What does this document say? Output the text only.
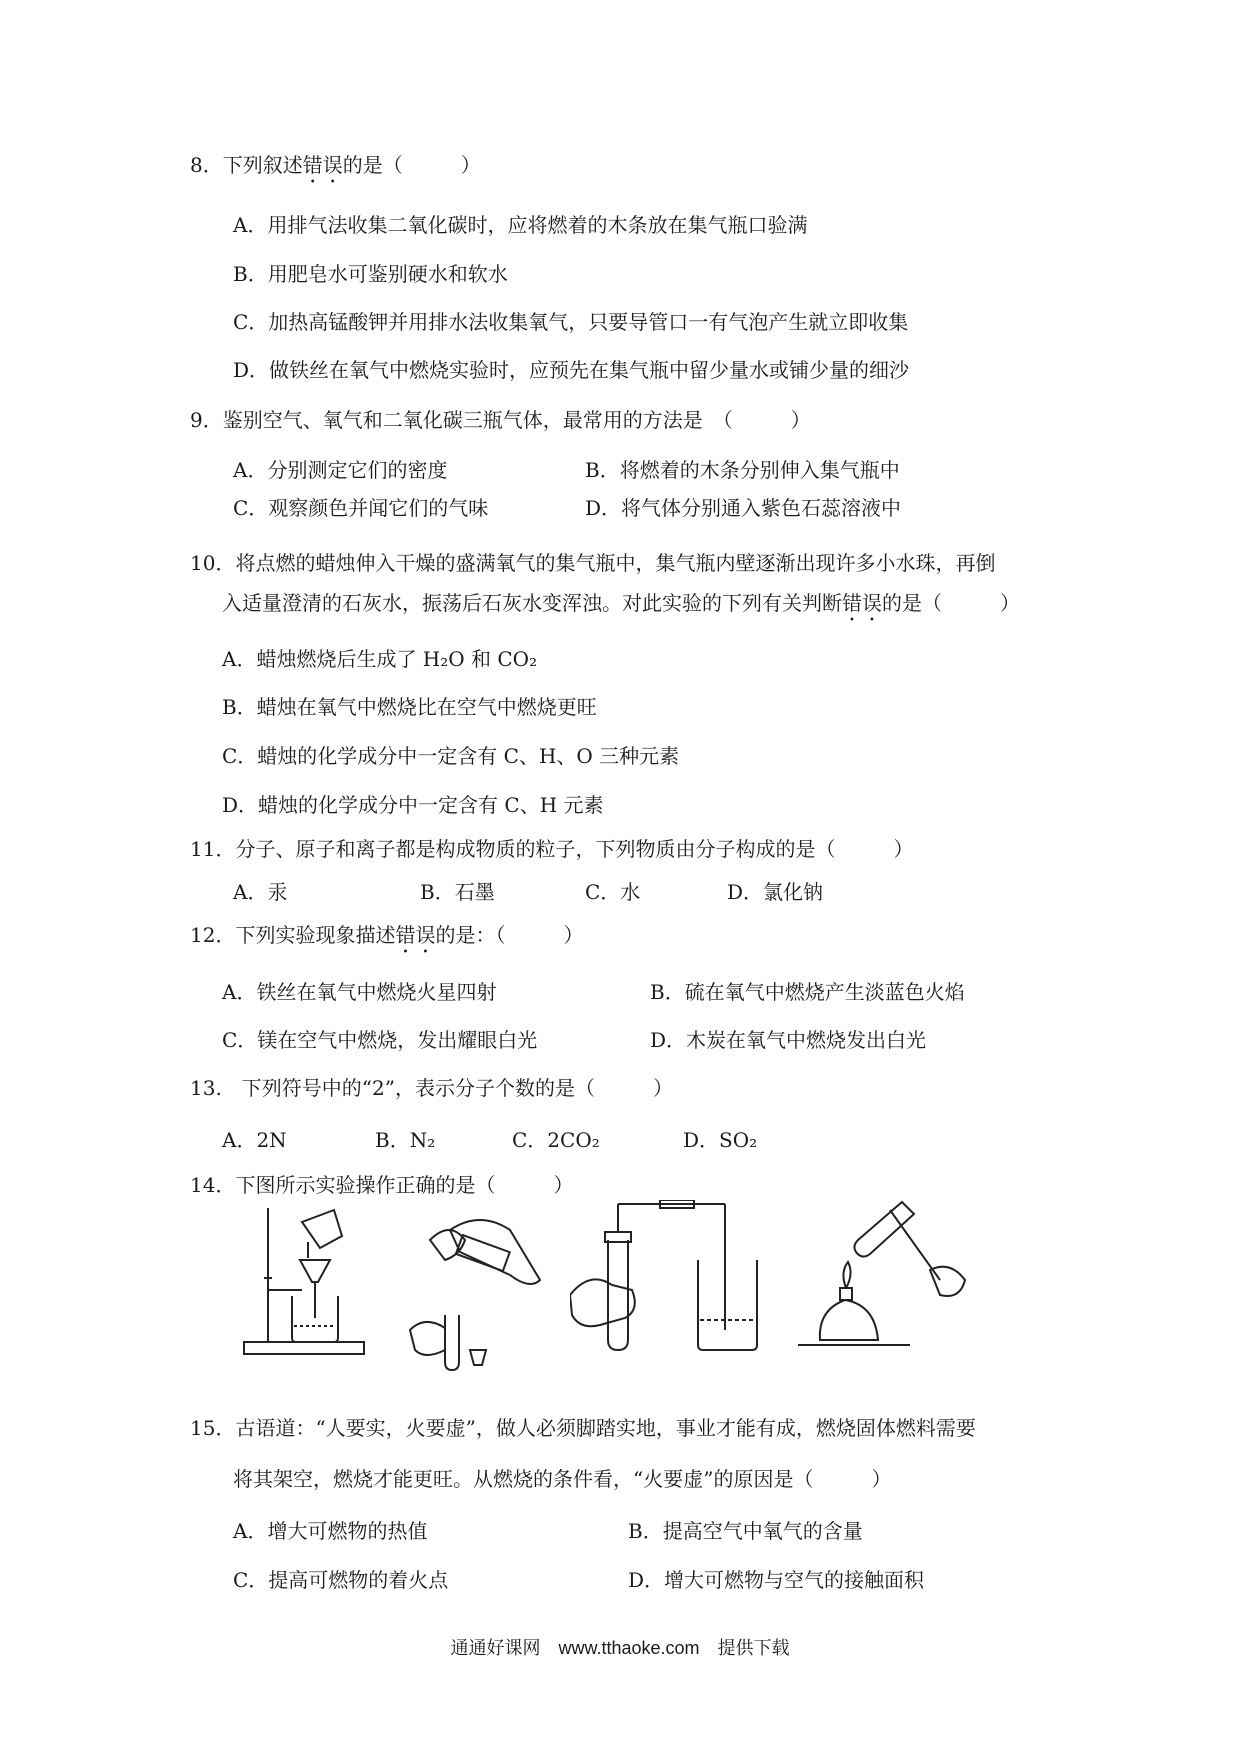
8．下列叙述错误的是（	）
A．用排气法收集二氧化碳时，应将燃着的木条放在集气瓶口验满
B．用肥皂水可鉴别硬水和软水
C．加热高锰酸钾并用排水法收集氧气，只要导管口一有气泡产生就立即收集
D．做铁丝在氧气中燃烧实验时，应预先在集气瓶中留少量水或铺少量的细沙
9．鉴别空气、氧气和二氧化碳三瓶气体，最常用的方法是　 （	）
A．分别测定它们的密度	B．将燃着的木条分别伸入集气瓶中
C．观察颜色并闻它们的气味	D．将气体分别通入紫色石蕊溶液中
10．将点燃的蜡烛伸入干燥的盛满氧气的集气瓶中，集气瓶内壁逐渐出现许多小水珠，再倒
入适量澄清的石灰水，振荡后石灰水变浑浊。对此实验的下列有关判断错误的是（	）
A．蜡烛燃烧后生成了 H₂O 和 CO₂
B．蜡烛在氧气中燃烧比在空气中燃烧更旺
C．蜡烛的化学成分中一定含有 C、H、O 三种元素
D．蜡烛的化学成分中一定含有 C、H 元素
11．分子、原子和离子都是构成物质的粒子，下列物质由分子构成的是（	）
A．汞	B．石墨	C．水	D．氯化钠
12．下列实验现象描述错误的是：（	）
A．铁丝在氧气中燃烧火星四射	B．硫在氧气中燃烧产生淡蓝色火焰
C．镁在空气中燃烧，发出耀眼白光	D．木炭在氧气中燃烧发出白光
13.　下列符号中的“2”，表示分子个数的是（	）
A．2N	B．N₂	C．2CO₂	D．SO₂
14．下图所示实验操作正确的是（	）
15．古语道：“人要实，火要虚”，做人必须脚踏实地，事业才能有成，燃烧固体燃料需要
将其架空，燃烧才能更旺。从燃烧的条件看，“火要虚”的原因是（	）
A．增大可燃物的热值	B．提高空气中氧气的含量
C．提高可燃物的着火点	D．增大可燃物与空气的接触面积
通通好课网　www.tthaoke.com　提供下载
